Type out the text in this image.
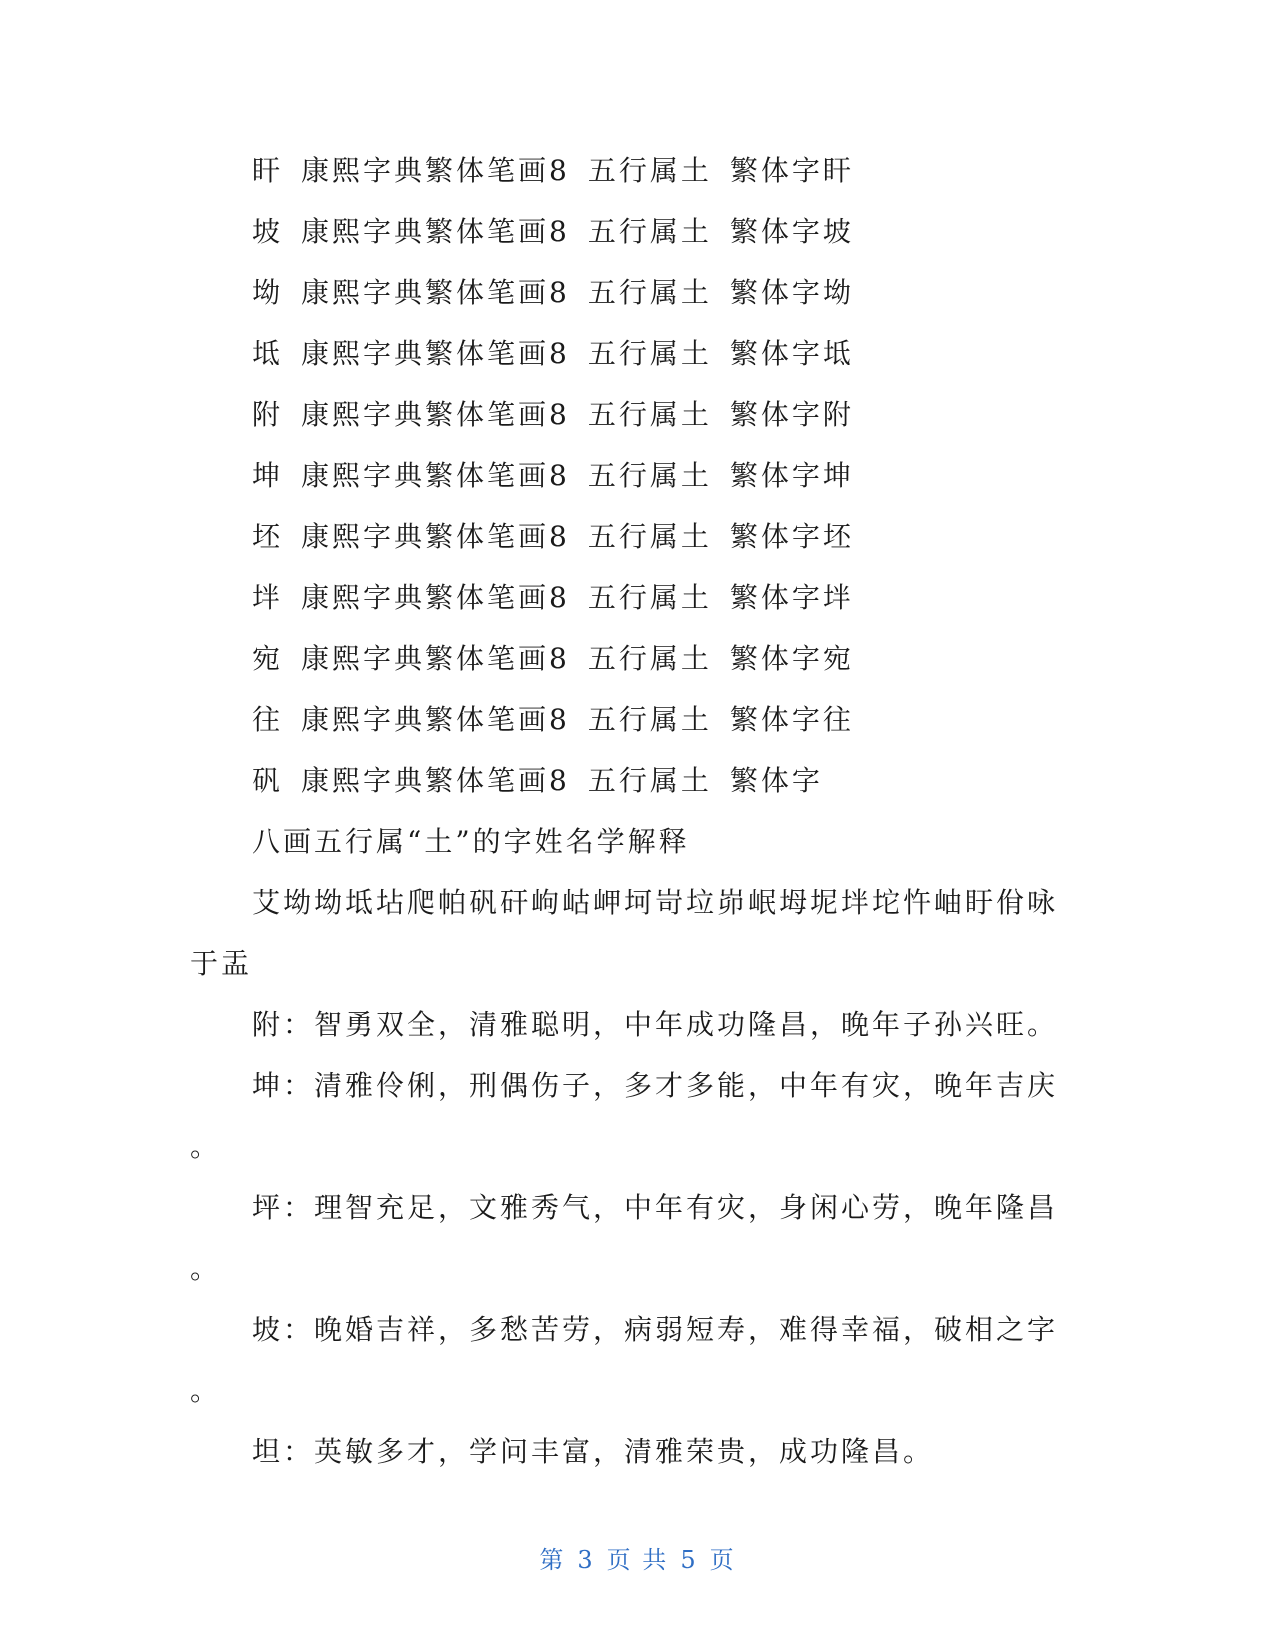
盰 康熙字典繁体笔画8 五行属土 繁体字盰
坡 康熙字典繁体笔画8 五行属土 繁体字坡
坳 康熙字典繁体笔画8 五行属土 繁体字坳
坻 康熙字典繁体笔画8 五行属土 繁体字坻
附 康熙字典繁体笔画8 五行属土 繁体字附
坤 康熙字典繁体笔画8 五行属土 繁体字坤
坯 康熙字典繁体笔画8 五行属土 繁体字坯
坢 康熙字典繁体笔画8 五行属土 繁体字坢
宛 康熙字典繁体笔画8 五行属土 繁体字宛
往 康熙字典繁体笔画8 五行属土 繁体字往
矾 康熙字典繁体笔画8 五行属土 繁体字
八画五行属“土”的字姓名学解释
艾坳坳坻坫爬帕矾矸岣岵岬坷岢垃峁岷坶坭坢坨忤岫盱佾咏
于盂
附：智勇双全，清雅聪明，中年成功隆昌，晚年子孙兴旺。
坤：清雅伶俐，刑偶伤子，多才多能，中年有灾，晚年吉庆
。
坪：理智充足，文雅秀气，中年有灾，身闲心劳，晚年隆昌
。
坡：晚婚吉祥，多愁苦劳，病弱短寿，难得幸福，破相之字
。
坦：英敏多才，学问丰富，清雅荣贵，成功隆昌。
第 3 页 共 5 页
